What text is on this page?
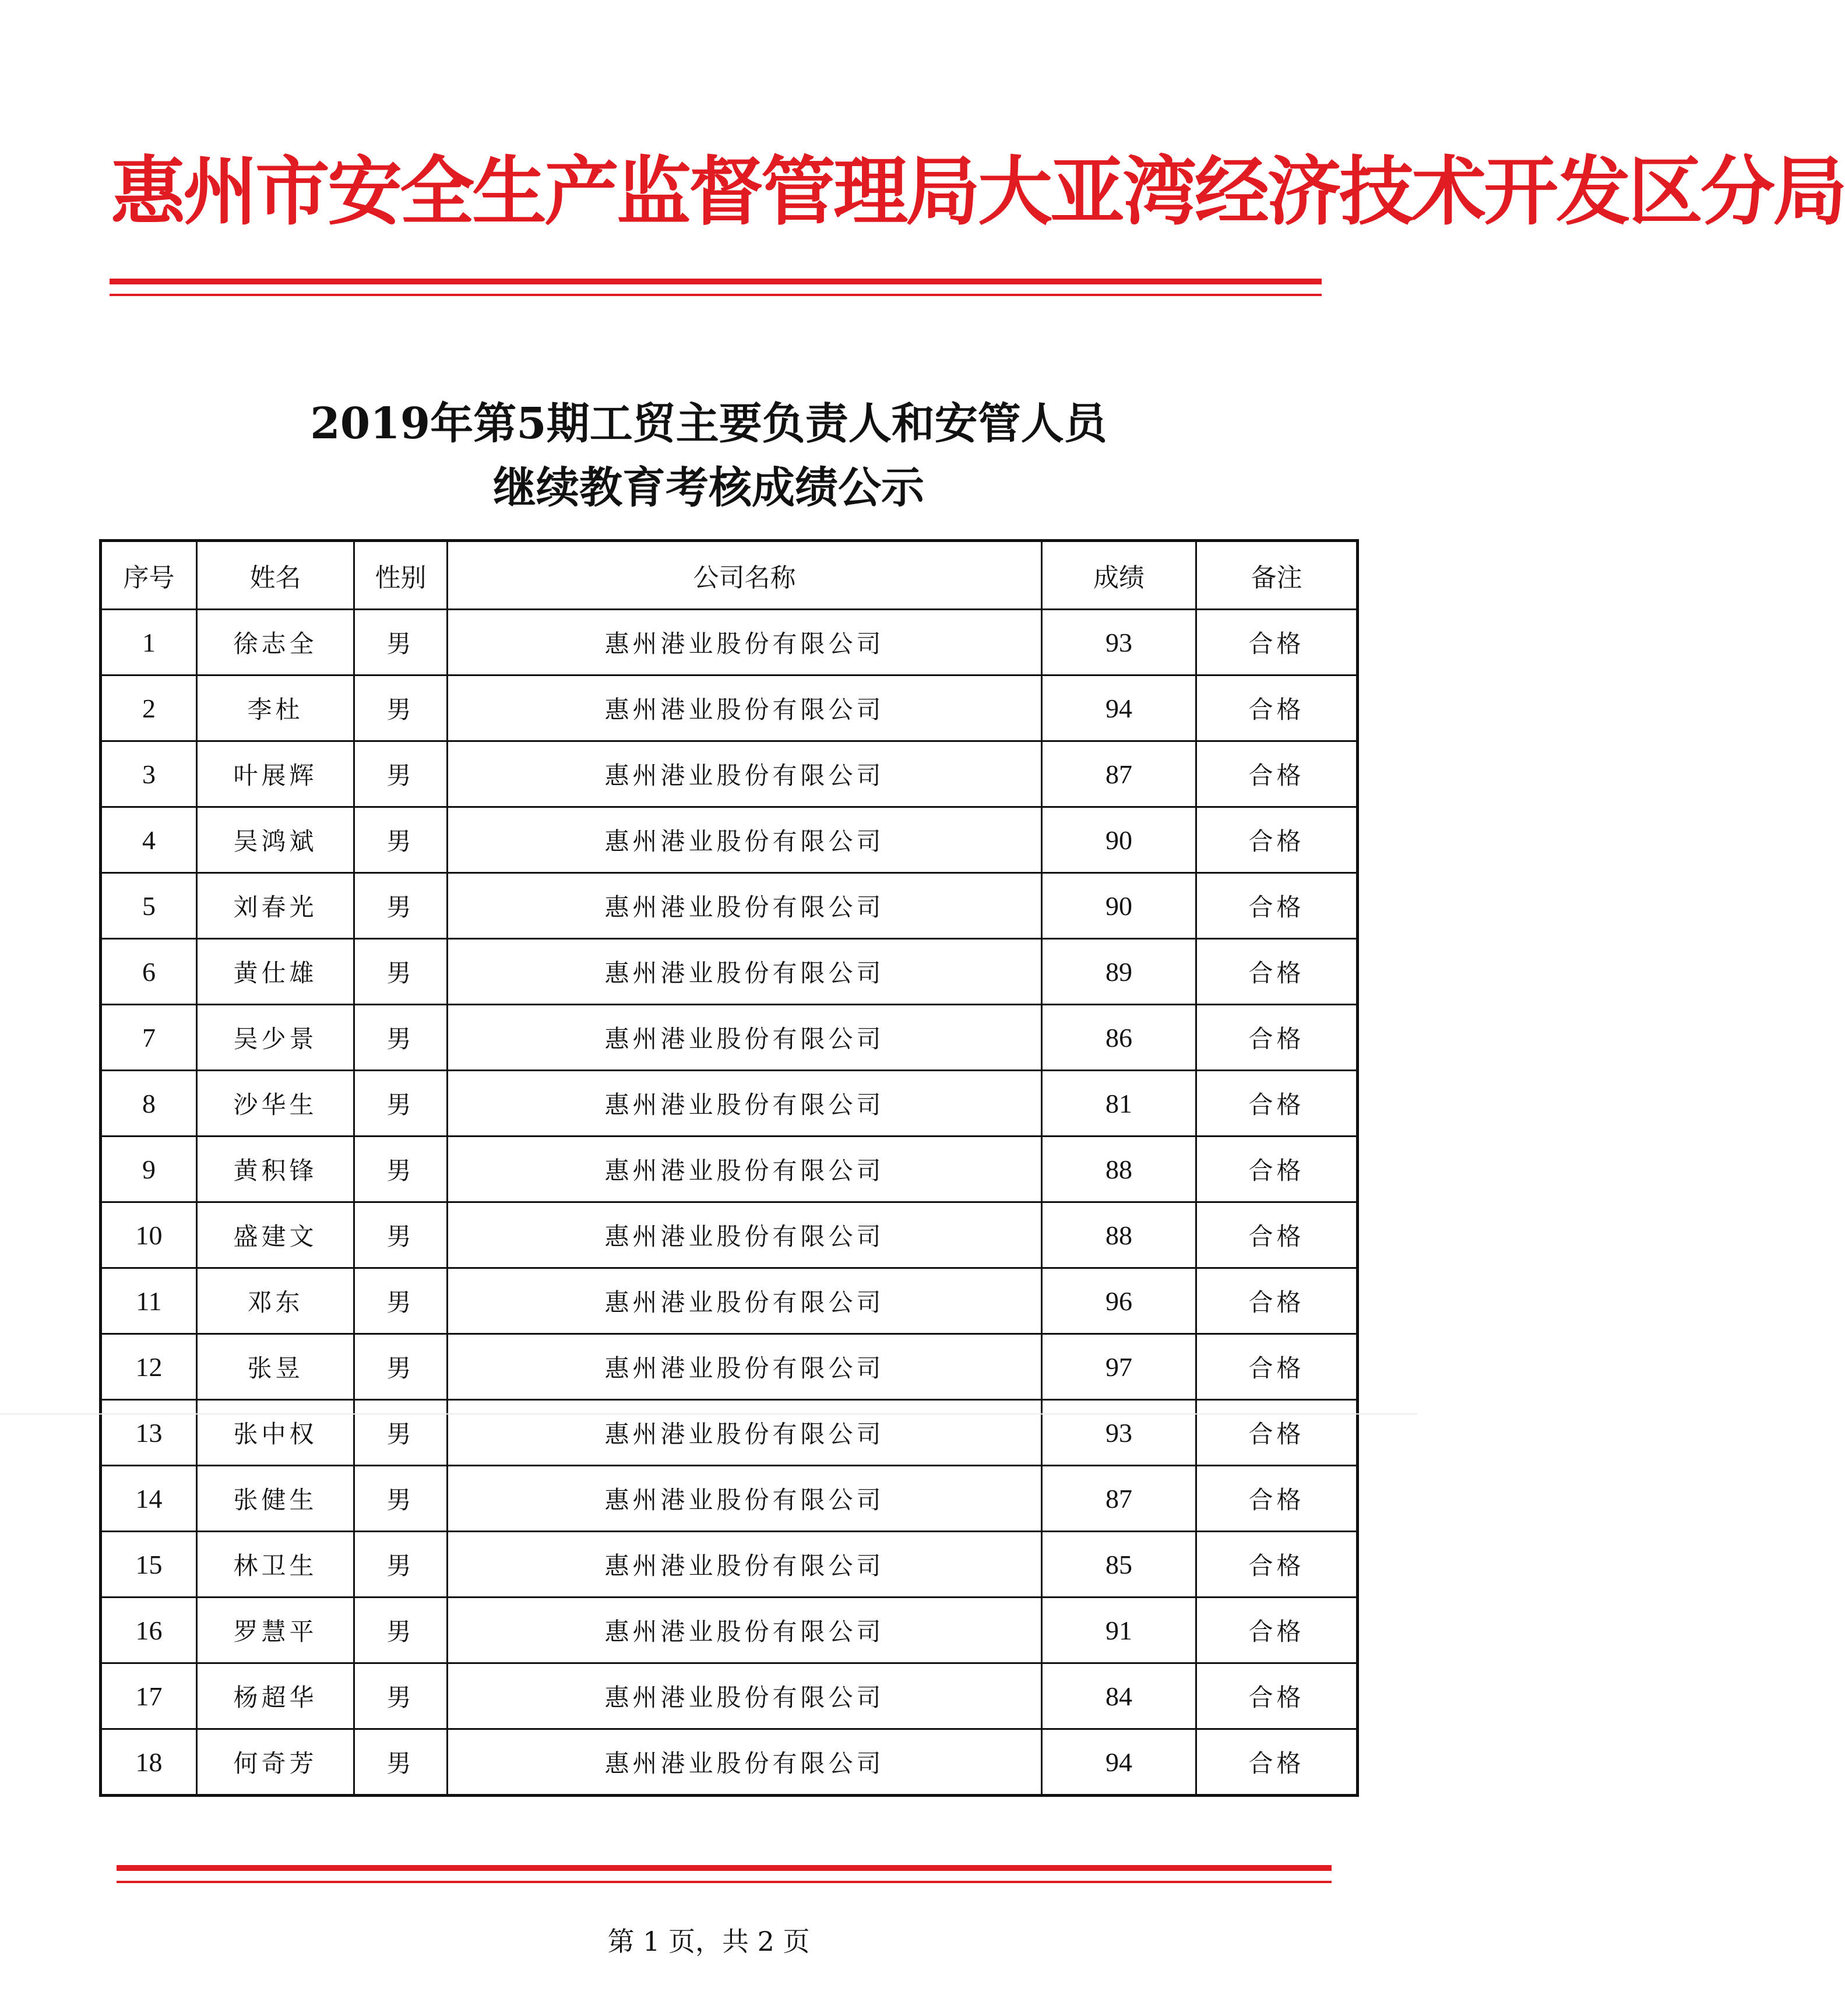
惠州市安全生产监督管理局大亚湾经济技术开发区分局
2019年第5期工贸主要负责人和安管人员
继续教育考核成绩公示
序号	姓名	性别	公司名称	成绩	备注
1	徐志全	男	惠州港业股份有限公司	93	合格
2	李杜	男	惠州港业股份有限公司	94	合格
3	叶展辉	男	惠州港业股份有限公司	87	合格
4	吴鸿斌	男	惠州港业股份有限公司	90	合格
5	刘春光	男	惠州港业股份有限公司	90	合格
6	黄仕雄	男	惠州港业股份有限公司	89	合格
7	吴少景	男	惠州港业股份有限公司	86	合格
8	沙华生	男	惠州港业股份有限公司	81	合格
9	黄积锋	男	惠州港业股份有限公司	88	合格
10	盛建文	男	惠州港业股份有限公司	88	合格
11	邓东	男	惠州港业股份有限公司	96	合格
12	张昱	男	惠州港业股份有限公司	97	合格
13	张中权	男	惠州港业股份有限公司	93	合格
14	张健生	男	惠州港业股份有限公司	87	合格
15	林卫生	男	惠州港业股份有限公司	85	合格
16	罗慧平	男	惠州港业股份有限公司	91	合格
17	杨超华	男	惠州港业股份有限公司	84	合格
18	何奇芳	男	惠州港业股份有限公司	94	合格
第 1 页，共 2 页
